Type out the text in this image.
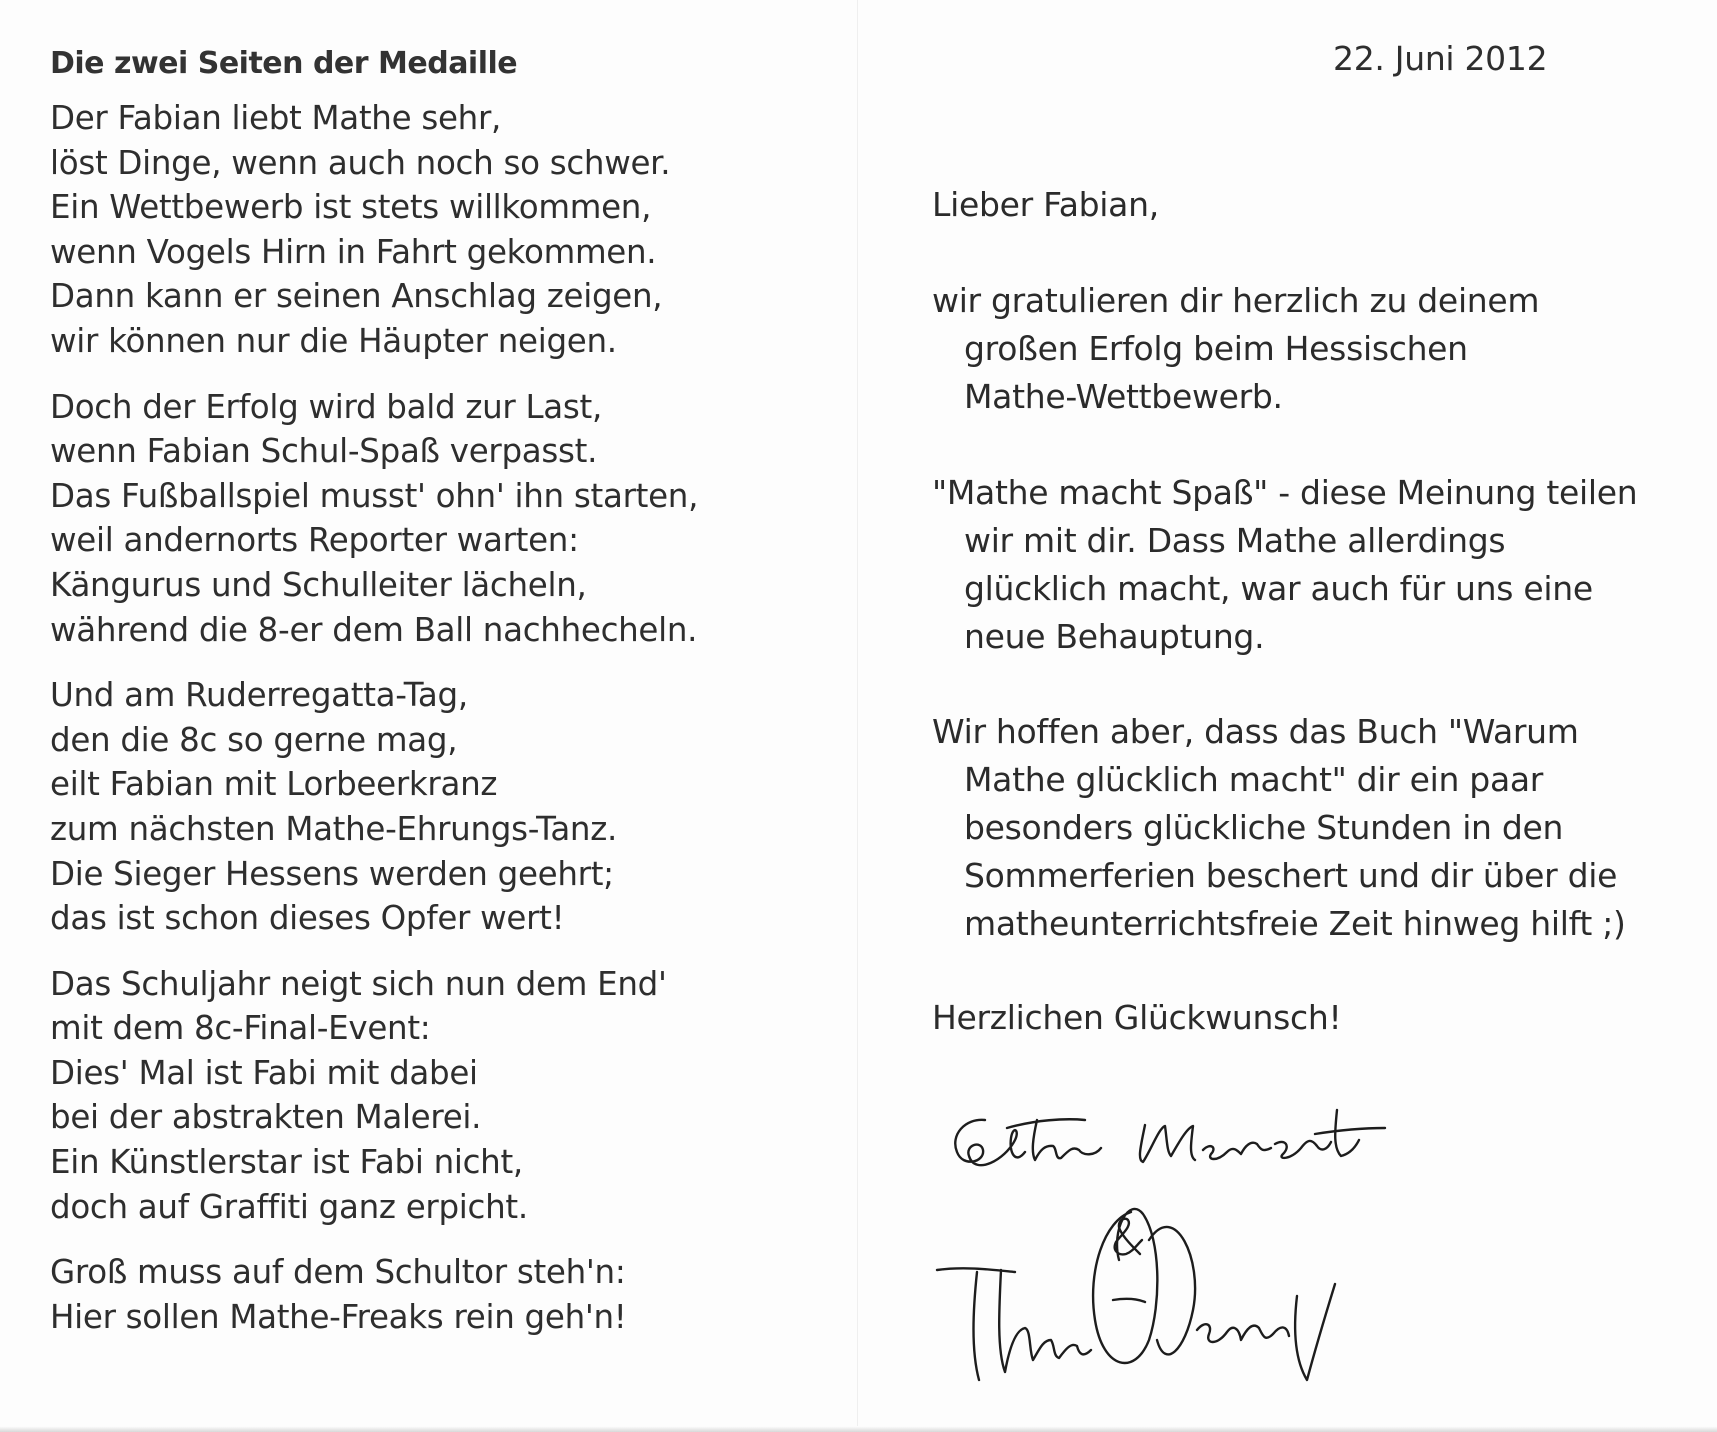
Die zwei Seiten der Medaille
Der Fabian liebt Mathe sehr,
löst Dinge, wenn auch noch so schwer.
Ein Wettbewerb ist stets willkommen,
wenn Vogels Hirn in Fahrt gekommen.
Dann kann er seinen Anschlag zeigen,
wir können nur die Häupter neigen.
Doch der Erfolg wird bald zur Last,
wenn Fabian Schul-Spaß verpasst.
Das Fußballspiel musst' ohn' ihn starten,
weil andernorts Reporter warten:
Kängurus und Schulleiter lächeln,
während die 8-er dem Ball nachhecheln.
Und am Ruderregatta-Tag,
den die 8c so gerne mag,
eilt Fabian mit Lorbeerkranz
zum nächsten Mathe-Ehrungs-Tanz.
Die Sieger Hessens werden geehrt;
das ist schon dieses Opfer wert!
Das Schuljahr neigt sich nun dem End'
mit dem 8c-Final-Event:
Dies' Mal ist Fabi mit dabei
bei der abstrakten Malerei.
Ein Künstlerstar ist Fabi nicht,
doch auf Graffiti ganz erpicht.
Groß muss auf dem Schultor steh'n:
Hier sollen Mathe-Freaks rein geh'n!
22. Juni 2012
Lieber Fabian,
wir gratulieren dir herzlich zu deinem
großen Erfolg beim Hessischen
Mathe-Wettbewerb.
"Mathe macht Spaß" - diese Meinung teilen
wir mit dir. Dass Mathe allerdings
glücklich macht, war auch für uns eine
neue Behauptung.
Wir hoffen aber, dass das Buch "Warum
Mathe glücklich macht" dir ein paar
besonders glückliche Stunden in den
Sommerferien beschert und dir über die
matheunterrichtsfreie Zeit hinweg hilft ;)
Herzlichen Glückwunsch!
